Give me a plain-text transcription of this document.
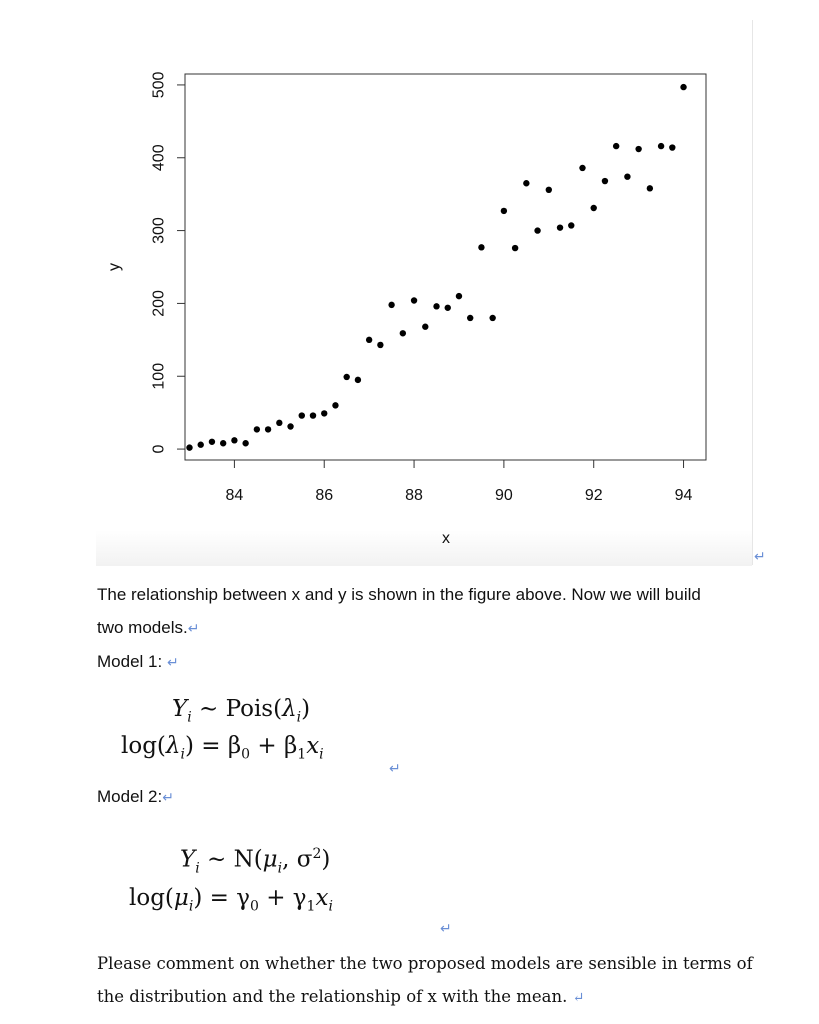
84	86	88	90	92	94
0
100
200
300
400
500
x
y
↵

The relationship between x and y is shown in the figure above. Now we will build

two models.↵

Model 1: ↵

$Y_i$ ∼ $Pois(\lambda_i)$
$\log(\lambda_i) = \beta_0 + \beta_1x_i$
↵

Model 2:↵

$Y_i$ ∼ $N(\mu_i$, $\sigma^2$)
$\log(\mu_i) = \gamma_0 + \gamma_1x_i$
↵

Please comment on whether the two proposed models are sensible in terms of

the distribution and the relationship of x with the mean. ↵
